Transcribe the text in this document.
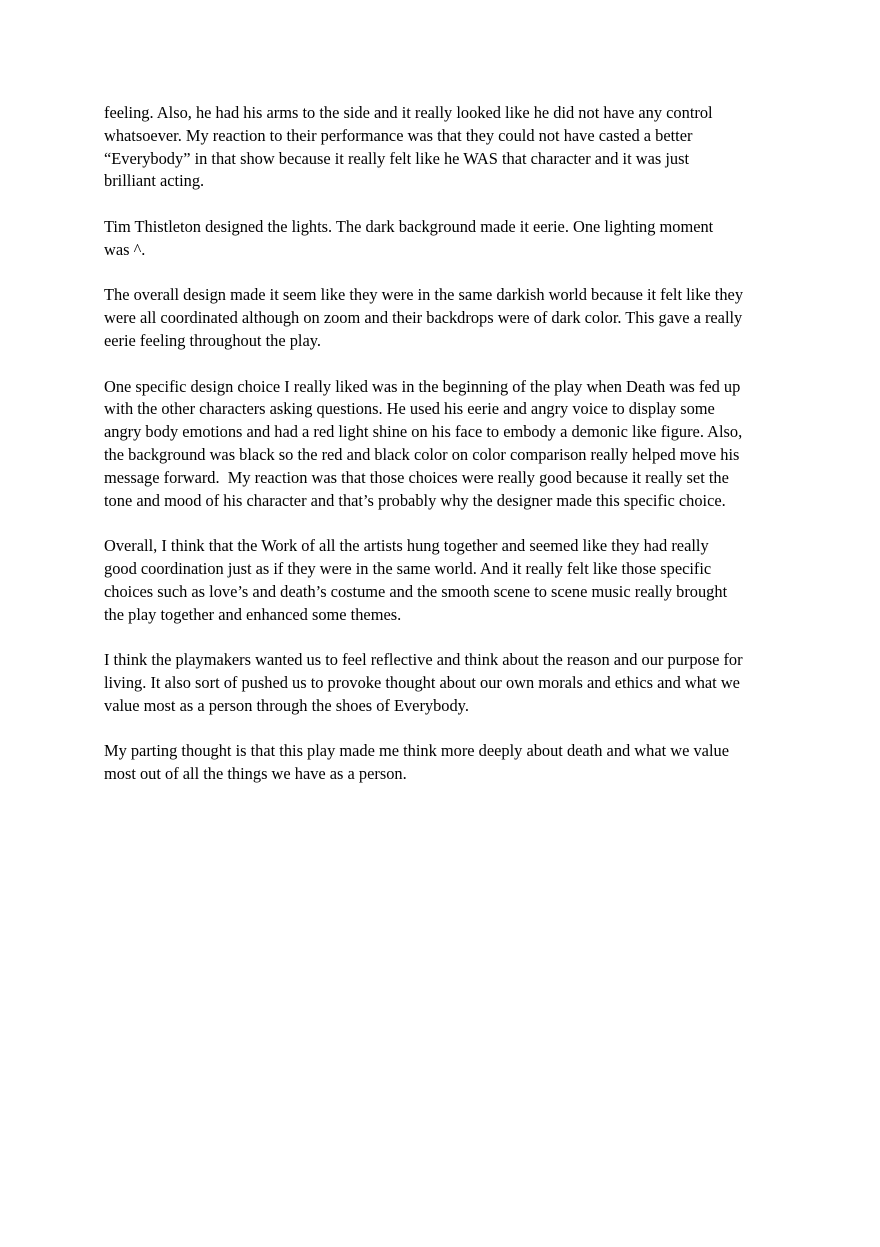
feeling. Also, he had his arms to the side and it really looked like he did not have any control
whatsoever. My reaction to their performance was that they could not have casted a better
“Everybody” in that show because it really felt like he WAS that character and it was just
brilliant acting.

Tim Thistleton designed the lights. The dark background made it eerie. One lighting moment
was ^.

The overall design made it seem like they were in the same darkish world because it felt like they
were all coordinated although on zoom and their backdrops were of dark color. This gave a really
eerie feeling throughout the play.

One specific design choice I really liked was in the beginning of the play when Death was fed up
with the other characters asking questions. He used his eerie and angry voice to display some
angry body emotions and had a red light shine on his face to embody a demonic like figure. Also,
the background was black so the red and black color on color comparison really helped move his
message forward.  My reaction was that those choices were really good because it really set the
tone and mood of his character and that’s probably why the designer made this specific choice.

Overall, I think that the Work of all the artists hung together and seemed like they had really
good coordination just as if they were in the same world. And it really felt like those specific
choices such as love’s and death’s costume and the smooth scene to scene music really brought
the play together and enhanced some themes.

I think the playmakers wanted us to feel reflective and think about the reason and our purpose for
living. It also sort of pushed us to provoke thought about our own morals and ethics and what we
value most as a person through the shoes of Everybody.

My parting thought is that this play made me think more deeply about death and what we value
most out of all the things we have as a person.
